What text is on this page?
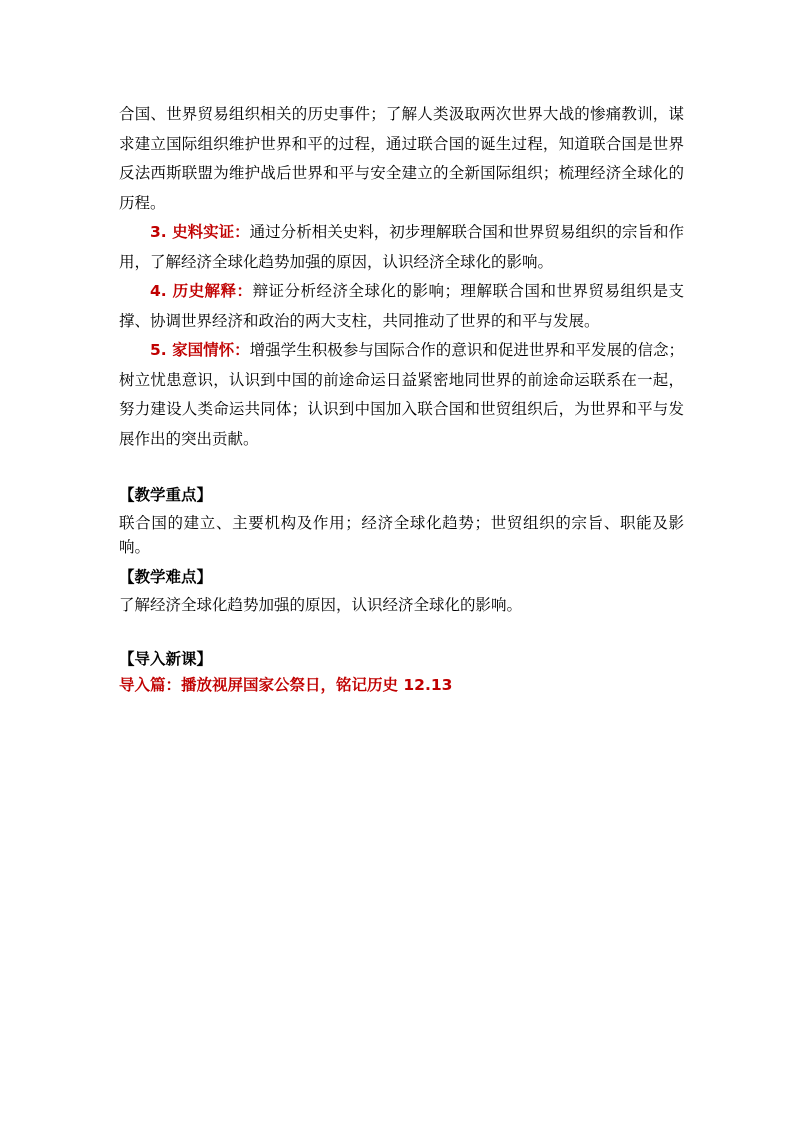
合国、世界贸易组织相关的历史事件；了解人类汲取两次世界大战的惨痛教训，谋求建立国际组织维护世界和平的过程，通过联合国的诞生过程，知道联合国是世界反法西斯联盟为维护战后世界和平与安全建立的全新国际组织；梳理经济全球化的历程。

3. 史料实证：通过分析相关史料，初步理解联合国和世界贸易组织的宗旨和作用，了解经济全球化趋势加强的原因，认识经济全球化的影响。

4. 历史解释：辩证分析经济全球化的影响；理解联合国和世界贸易组织是支撑、协调世界经济和政治的两大支柱，共同推动了世界的和平与发展。

5. 家国情怀：增强学生积极参与国际合作的意识和促进世界和平发展的信念；树立忧患意识，认识到中国的前途命运日益紧密地同世界的前途命运联系在一起，努力建设人类命运共同体；认识到中国加入联合国和世贸组织后，为世界和平与发展作出的突出贡献。

【教学重点】

联合国的建立、主要机构及作用；经济全球化趋势；世贸组织的宗旨、职能及影响。

【教学难点】

了解经济全球化趋势加强的原因，认识经济全球化的影响。

【导入新课】

导入篇：播放视屏国家公祭日，铭记历史 12.13
